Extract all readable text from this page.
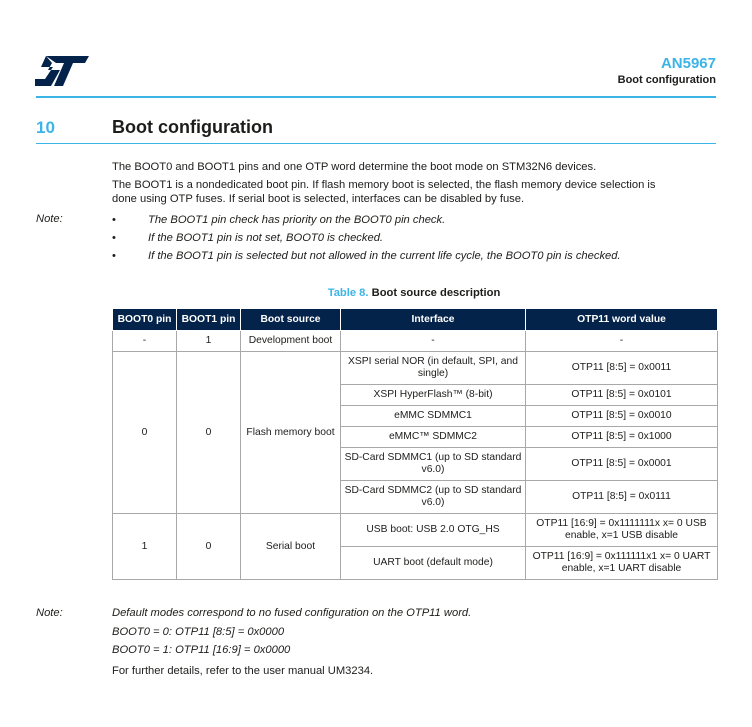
AN5967
Boot configuration
10	Boot configuration
The BOOT0 and BOOT1 pins and one OTP word determine the boot mode on STM32N6 devices.
The BOOT1 is a nondedicated boot pin. If flash memory boot is selected, the flash memory device selection is
done using OTP fuses. If serial boot is selected, interfaces can be disabled by fuse.
Note:	•	The BOOT1 pin check has priority on the BOOT0 pin check.
•	If the BOOT1 pin is not set, BOOT0 is checked.
•	If the BOOT1 pin is selected but not allowed in the current life cycle, the BOOT0 pin is checked.
Table 8. Boot source description
BOOT0 pin	BOOT1 pin	Boot source	Interface	OTP11 word value
-	1	Development boot	-	-
0	0	Flash memory boot	XSPI serial NOR (in default, SPI, and single)	OTP11 [8:5] = 0x0011
			XSPI HyperFlash™ (8-bit)	OTP11 [8:5] = 0x0101
			eMMC SDMMC1	OTP11 [8:5] = 0x0010
			eMMC™ SDMMC2	OTP11 [8:5] = 0x1000
			SD-Card SDMMC1 (up to SD standard v6.0)	OTP11 [8:5] = 0x0001
			SD-Card SDMMC2 (up to SD standard v6.0)	OTP11 [8:5] = 0x0111
1	0	Serial boot	USB boot: USB 2.0 OTG_HS	OTP11 [16:9] = 0x1111111x x= 0 USB enable, x=1 USB disable
			UART boot (default mode)	OTP11 [16:9] = 0x111111x1 x= 0 UART enable, x=1 UART disable
Note:	Default modes correspond to no fused configuration on the OTP11 word.
BOOT0 = 0: OTP11 [8:5] = 0x0000
BOOT0 = 1: OTP11 [16:9] = 0x0000
For further details, refer to the user manual UM3234.
